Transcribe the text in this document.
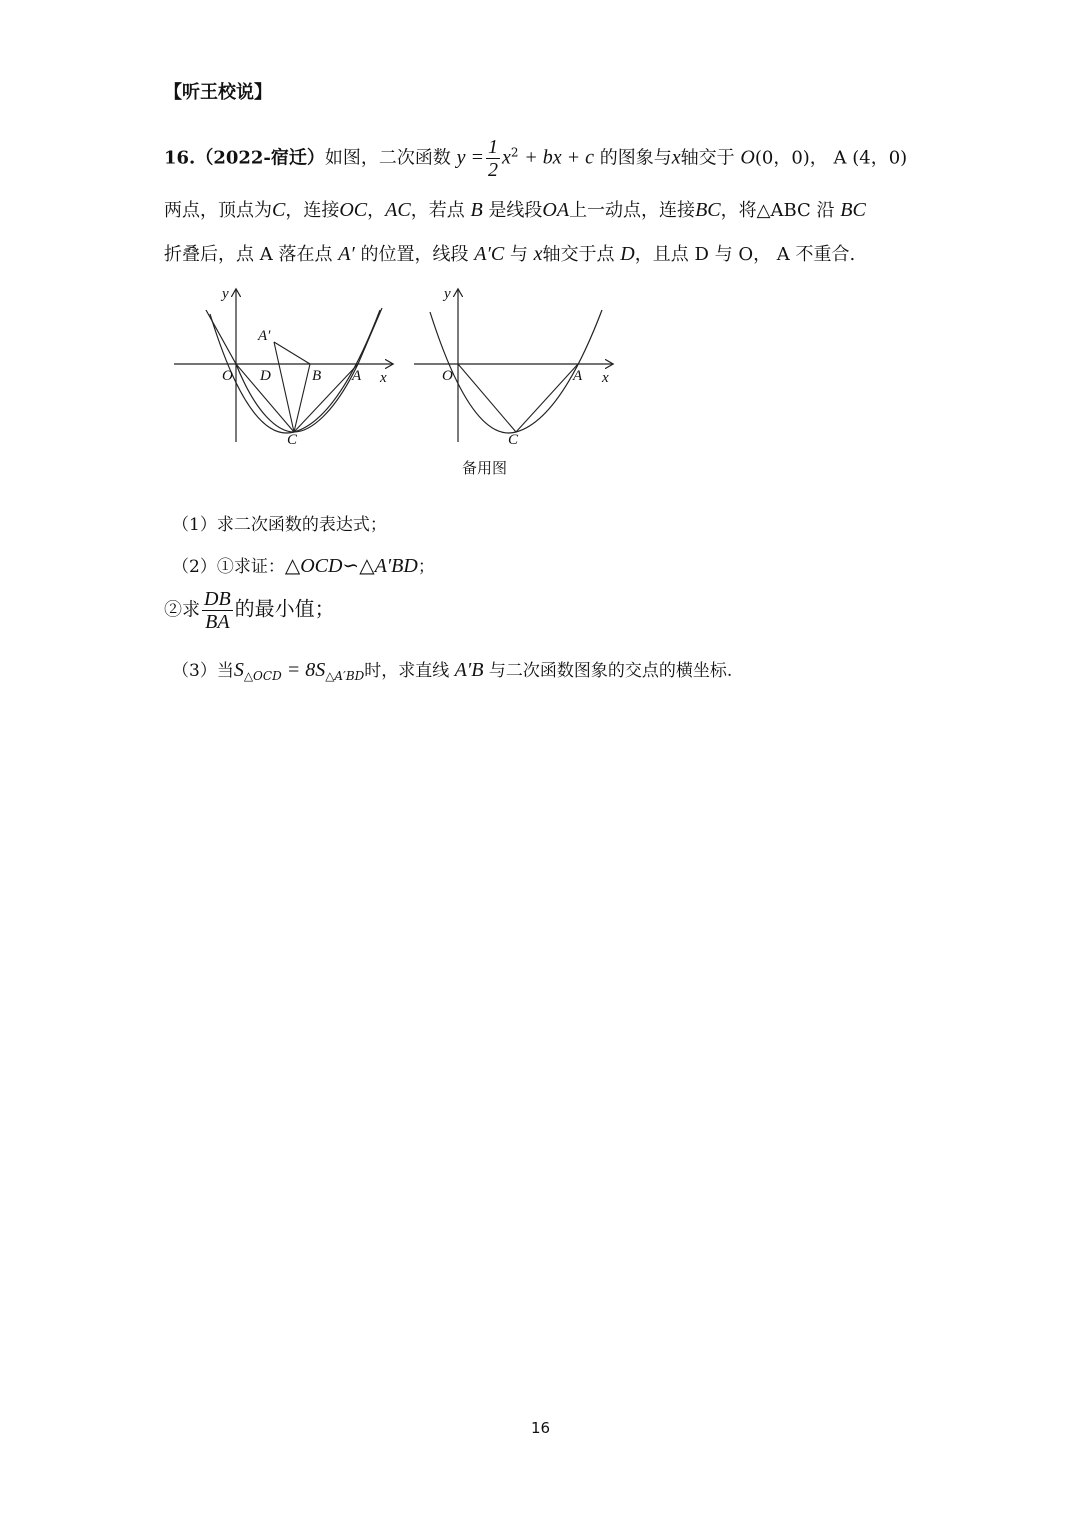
【听王校说】
16.（2022-宿迁）如图，二次函数 $y = \frac{1}{2} x^2$ + bx + c 的图象与x轴交于 O(0，0)， A (4，0)
两点，顶点为C，连接OC，AC，若点 B 是线段OA上一动点，连接BC，将△ABC 沿 BC
折叠后，点 A 落在点 A′ 的位置，线段 A′C 与 x轴交于点 D，且点 D 与 O， A 不重合.
y
x
O D	B A
C
A′
y
x
O	A
C
备用图
（1）求二次函数的表达式；
（2）①求证：△OCD∽△A′BD；
②求 $\frac{DB}{BA}$ 的最小值；
（3）当$S_{\triangle OCD} = 8S_{\triangle A'BD}$时，求直线 A′B 与二次函数图象的交点的横坐标.
16
